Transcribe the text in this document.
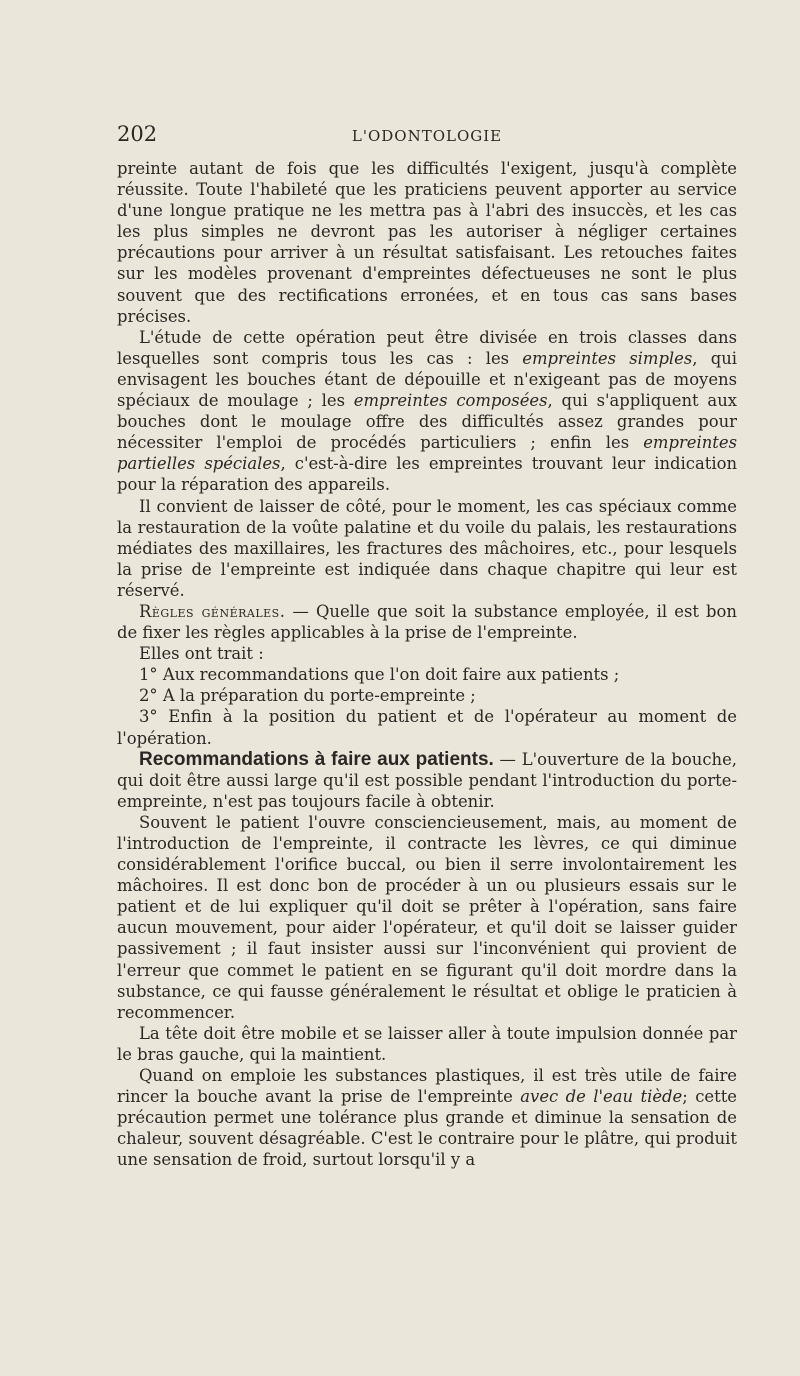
202	L'ODONTOLOGIE

preinte autant de fois que les difficultés l'exigent, jusqu'à complète réussite. Toute l'habileté que les praticiens peuvent apporter au service d'une longue pratique ne les mettra pas à l'abri des insuccès, et les cas les plus simples ne devront pas les autoriser à négliger certaines précautions pour arriver à un résultat satisfaisant. Les retouches faites sur les modèles provenant d'empreintes défectueuses ne sont le plus souvent que des rectifications erronées, et en tous cas sans bases précises.

L'étude de cette opération peut être divisée en trois classes dans lesquelles sont compris tous les cas : les empreintes simples, qui envisagent les bouches étant de dépouille et n'exigeant pas de moyens spéciaux de moulage ; les empreintes composées, qui s'appliquent aux bouches dont le moulage offre des difficultés assez grandes pour nécessiter l'emploi de procédés particuliers ; enfin les empreintes partielles spéciales, c'est-à-dire les empreintes trouvant leur indication pour la réparation des appareils.

Il convient de laisser de côté, pour le moment, les cas spéciaux comme la restauration de la voûte palatine et du voile du palais, les restaurations médiates des maxillaires, les fractures des mâchoires, etc., pour lesquels la prise de l'empreinte est indiquée dans chaque chapitre qui leur est réservé.

Règles générales. — Quelle que soit la substance employée, il est bon de fixer les règles applicables à la prise de l'empreinte.

Elles ont trait :

1° Aux recommandations que l'on doit faire aux patients ;

2° A la préparation du porte-empreinte ;

3° Enfin à la position du patient et de l'opérateur au moment de l'opération.

Recommandations à faire aux patients. — L'ouverture de la bouche, qui doit être aussi large qu'il est possible pendant l'introduction du porte-empreinte, n'est pas toujours facile à obtenir.

Souvent le patient l'ouvre consciencieusement, mais, au moment de l'introduction de l'empreinte, il contracte les lèvres, ce qui diminue considérablement l'orifice buccal, ou bien il serre involontairement les mâchoires. Il est donc bon de procéder à un ou plusieurs essais sur le patient et de lui expliquer qu'il doit se prêter à l'opération, sans faire aucun mouvement, pour aider l'opérateur, et qu'il doit se laisser guider passivement ; il faut insister aussi sur l'inconvénient qui provient de l'erreur que commet le patient en se figurant qu'il doit mordre dans la substance, ce qui fausse généralement le résultat et oblige le praticien à recommencer.

La tête doit être mobile et se laisser aller à toute impulsion donnée par le bras gauche, qui la maintient.

Quand on emploie les substances plastiques, il est très utile de faire rincer la bouche avant la prise de l'empreinte avec de l'eau tiède; cette précaution permet une tolérance plus grande et diminue la sensation de chaleur, souvent désagréable. C'est le contraire pour le plâtre, qui produit une sensation de froid, surtout lorsqu'il y a
